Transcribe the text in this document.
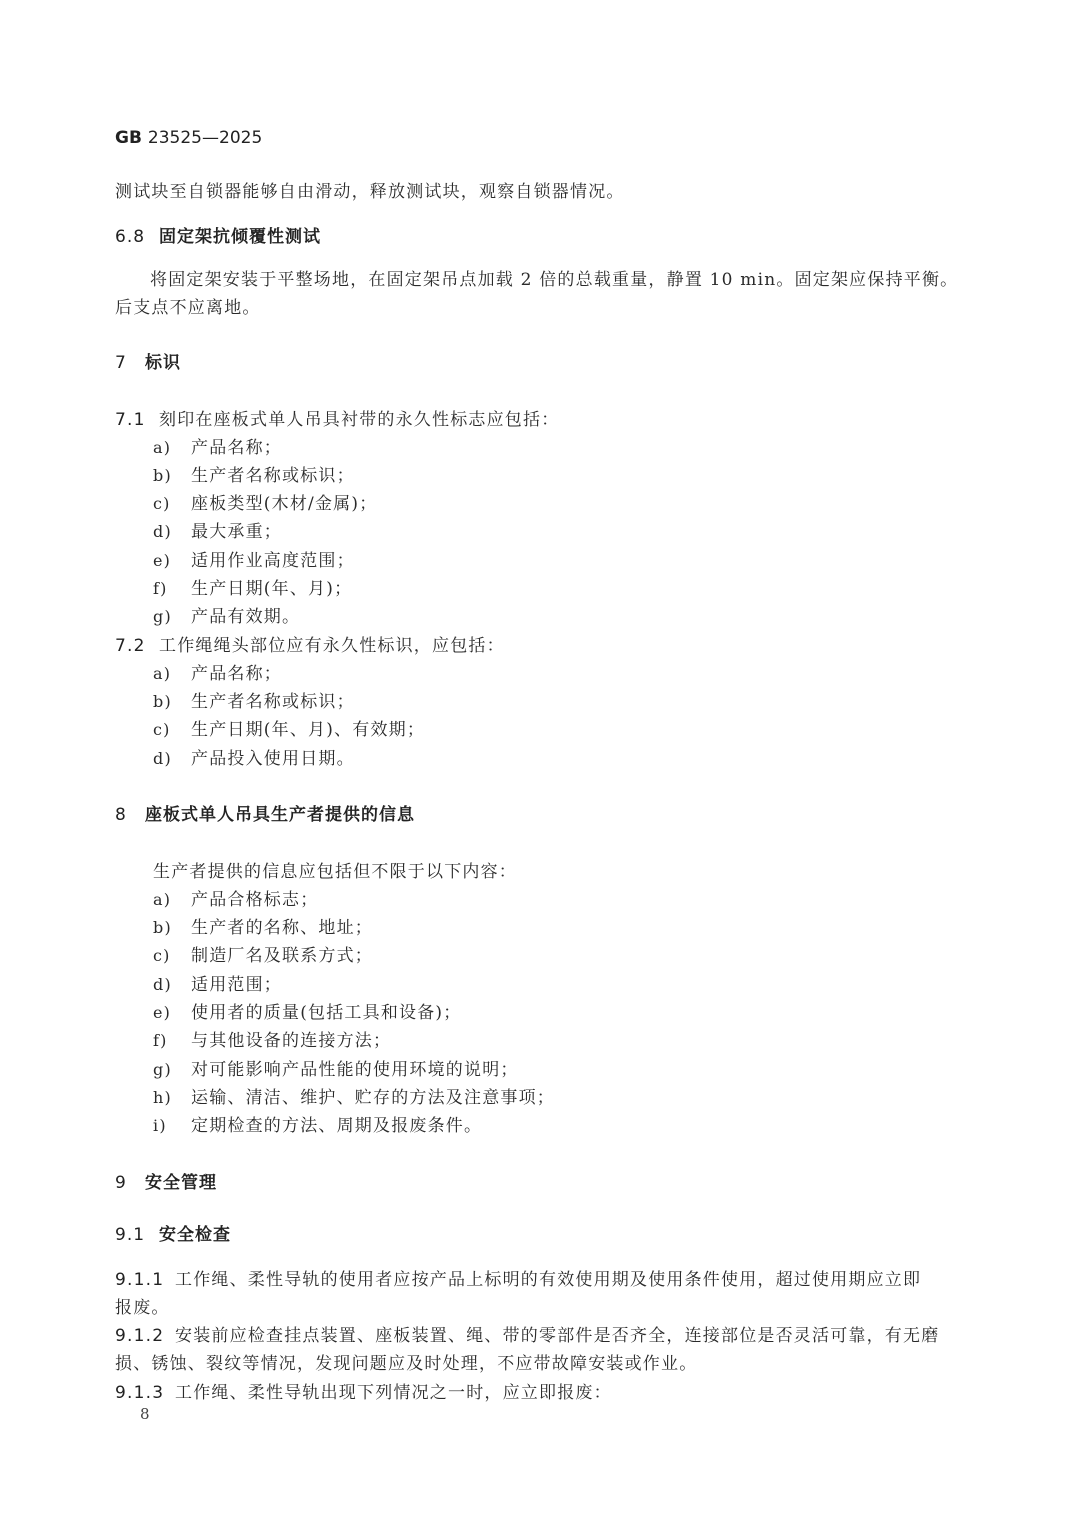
GB 23525—2025
测试块至自锁器能够自由滑动，释放测试块，观察自锁器情况。
6.8 固定架抗倾覆性测试
将固定架安装于平整场地，在固定架吊点加载 2 倍的总载重量，静置 10 min。固定架应保持平衡。
后支点不应离地。
7 标识
7.1 刻印在座板式单人吊具衬带的永久性标志应包括：
a) 产品名称；
b) 生产者名称或标识；
c) 座板类型(木材/金属)；
d) 最大承重；
e) 适用作业高度范围；
f) 生产日期(年、月)；
g) 产品有效期。
7.2 工作绳绳头部位应有永久性标识，应包括：
a) 产品名称；
b) 生产者名称或标识；
c) 生产日期(年、月)、有效期；
d) 产品投入使用日期。
8 座板式单人吊具生产者提供的信息
生产者提供的信息应包括但不限于以下内容：
a) 产品合格标志；
b) 生产者的名称、地址；
c) 制造厂名及联系方式；
d) 适用范围；
e) 使用者的质量(包括工具和设备)；
f) 与其他设备的连接方法；
g) 对可能影响产品性能的使用环境的说明；
h) 运输、清洁、维护、贮存的方法及注意事项；
i) 定期检查的方法、周期及报废条件。
9 安全管理
9.1 安全检查
9.1.1 工作绳、柔性导轨的使用者应按产品上标明的有效使用期及使用条件使用，超过使用期应立即
报废。
9.1.2 安装前应检查挂点装置、座板装置、绳、带的零部件是否齐全，连接部位是否灵活可靠，有无磨
损、锈蚀、裂纹等情况，发现问题应及时处理，不应带故障安装或作业。
9.1.3 工作绳、柔性导轨出现下列情况之一时，应立即报废：
8
